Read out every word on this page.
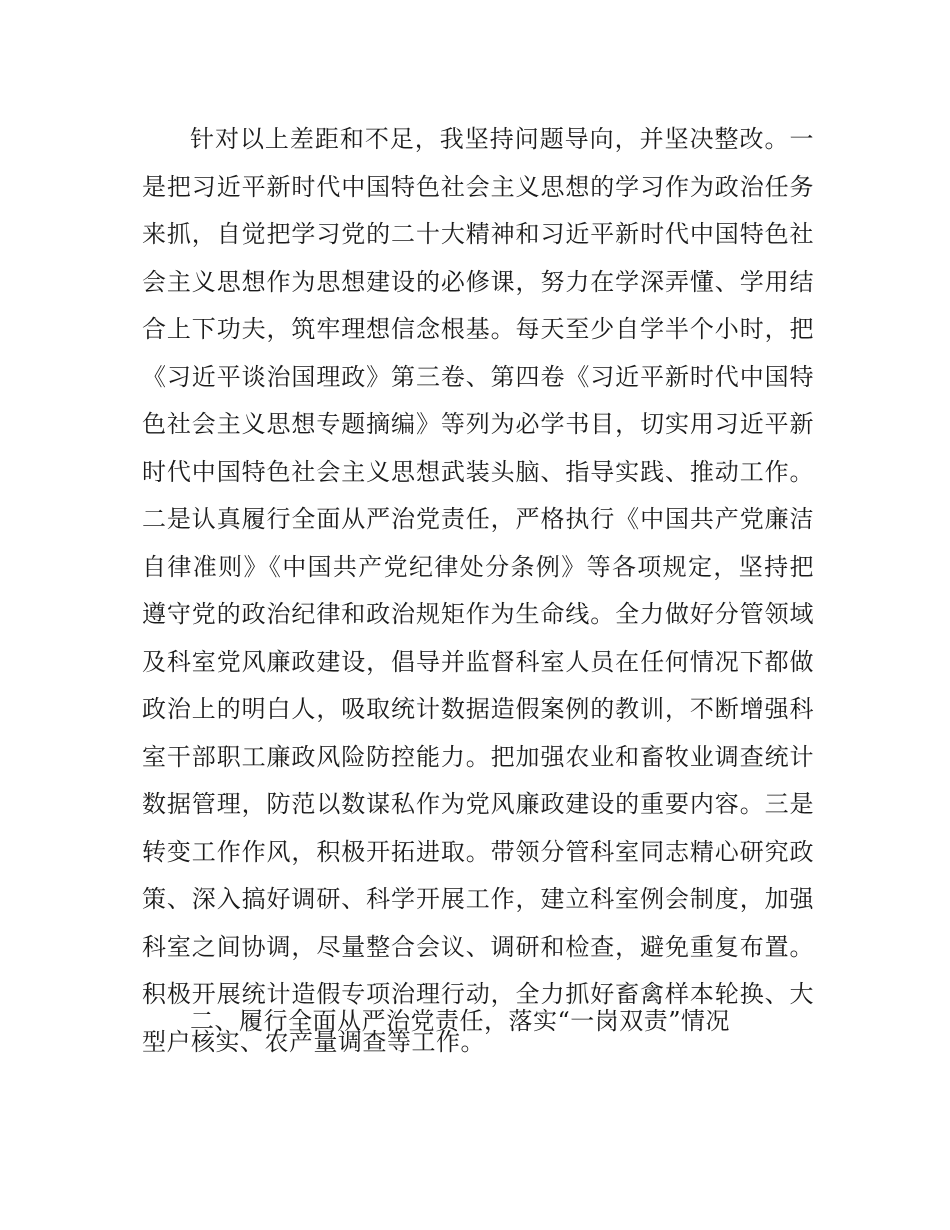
针对以上差距和不足，我坚持问题导向，并坚决整改。一是把习近平新时代中国特色社会主义思想的学习作为政治任务来抓，自觉把学习党的二十大精神和习近平新时代中国特色社会主义思想作为思想建设的必修课，努力在学深弄懂、学用结合上下功夫，筑牢理想信念根基。每天至少自学半个小时，把《习近平谈治国理政》第三卷、第四卷《习近平新时代中国特色社会主义思想专题摘编》等列为必学书目，切实用习近平新时代中国特色社会主义思想武装头脑、指导实践、推动工作。二是认真履行全面从严治党责任，严格执行《中国共产党廉洁自律准则》《中国共产党纪律处分条例》等各项规定，坚持把遵守党的政治纪律和政治规矩作为生命线。全力做好分管领域及科室党风廉政建设，倡导并监督科室人员在任何情况下都做政治上的明白人，吸取统计数据造假案例的教训，不断增强科室干部职工廉政风险防控能力。把加强农业和畜牧业调查统计数据管理，防范以数谋私作为党风廉政建设的重要内容。三是转变工作作风，积极开拓进取。带领分管科室同志精心研究政策、深入搞好调研、科学开展工作，建立科室例会制度，加强科室之间协调，尽量整合会议、调研和检查，避免重复布置。积极开展统计造假专项治理行动，全力抓好畜禽样本轮换、大型户核实、农产量调查等工作。

二、履行全面从严治党责任，落实“一岗双责”情况
